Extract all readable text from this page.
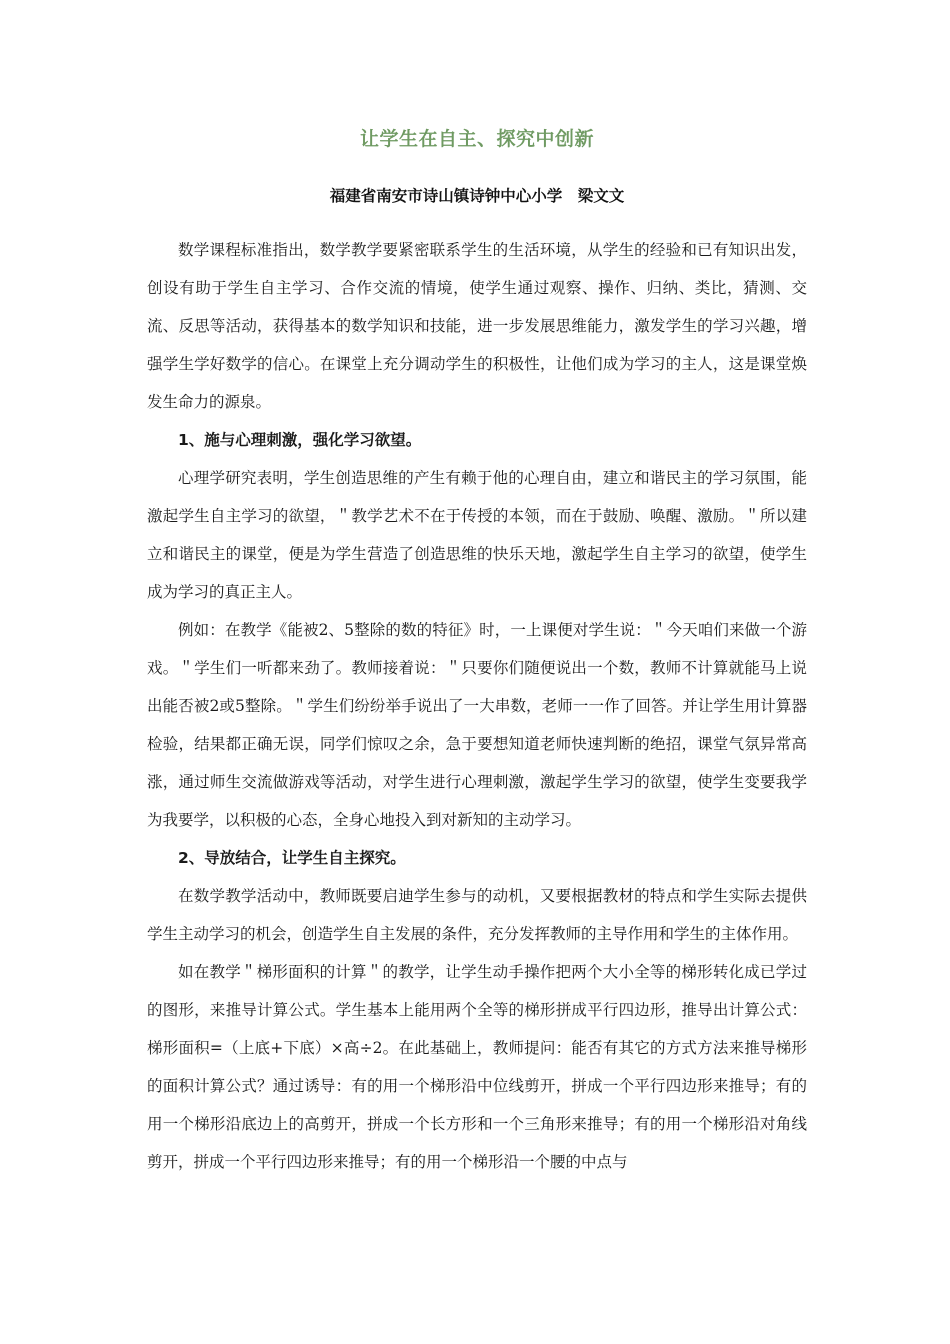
让学生在自主、探究中创新
福建省南安市诗山镇诗钟中心小学　梁文文

数学课程标准指出，数学教学要紧密联系学生的生活环境，从学生的经验和已有知识出发，创设有助于学生自主学习、合作交流的情境，使学生通过观察、操作、归纳、类比，猜测、交流、反思等活动，获得基本的数学知识和技能，进一步发展思维能力，激发学生的学习兴趣，增强学生学好数学的信心。在课堂上充分调动学生的积极性，让他们成为学习的主人，这是课堂焕发生命力的源泉。

1、施与心理刺激，强化学习欲望。

心理学研究表明，学生创造思维的产生有赖于他的心理自由，建立和谐民主的学习氛围，能激起学生自主学习的欲望，＂教学艺术不在于传授的本领，而在于鼓励、唤醒、激励。＂所以建立和谐民主的课堂，便是为学生营造了创造思维的快乐天地，激起学生自主学习的欲望，使学生成为学习的真正主人。

例如：在教学《能被2、5整除的数的特征》时，一上课便对学生说：＂今天咱们来做一个游戏。＂学生们一听都来劲了。教师接着说：＂只要你们随便说出一个数，教师不计算就能马上说出能否被2或5整除。＂学生们纷纷举手说出了一大串数，老师一一作了回答。并让学生用计算器检验，结果都正确无误，同学们惊叹之余，急于要想知道老师快速判断的绝招，课堂气氛异常高涨，通过师生交流做游戏等活动，对学生进行心理刺激，激起学生学习的欲望，使学生变要我学为我要学，以积极的心态，全身心地投入到对新知的主动学习。

2、导放结合，让学生自主探究。

在数学教学活动中，教师既要启迪学生参与的动机，又要根据教材的特点和学生实际去提供学生主动学习的机会，创造学生自主发展的条件，充分发挥教师的主导作用和学生的主体作用。

如在教学＂梯形面积的计算＂的教学，让学生动手操作把两个大小全等的梯形转化成已学过的图形，来推导计算公式。学生基本上能用两个全等的梯形拼成平行四边形，推导出计算公式：梯形面积=（上底+下底）×高÷2。在此基础上，教师提问：能否有其它的方式方法来推导梯形的面积计算公式？通过诱导：有的用一个梯形沿中位线剪开，拼成一个平行四边形来推导；有的用一个梯形沿底边上的高剪开，拼成一个长方形和一个三角形来推导；有的用一个梯形沿对角线剪开，拼成一个平行四边形来推导；有的用一个梯形沿一个腰的中点与
